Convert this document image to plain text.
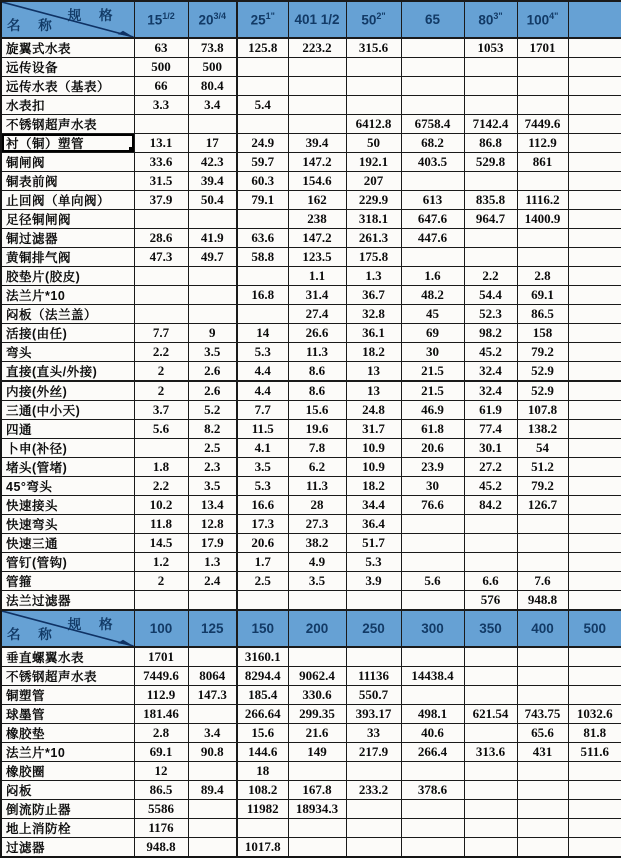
规 格
名 称	$15^{1/2}$	$20^{3/4}$	$25^{1"}$	401 1/2	$50^{2"}$	65	$80^{3"}$	$100^{4"}$	
旋翼式水表	63	73.8	125.8	223.2	315.6		1053	1701	
远传设备	500	500							
远传水表（基表）	66	80.4							
水表扣	3.3	3.4	5.4						
不锈钢超声水表					6412.8	6758.4	7142.4	7449.6	
衬（铜）塑管	13.1	17	24.9	39.4	50	68.2	86.8	112.9	
铜闸阀	33.6	42.3	59.7	147.2	192.1	403.5	529.8	861	
铜表前阀	31.5	39.4	60.3	154.6	207				
止回阀（单向阀）	37.9	50.4	79.1	162	229.9	613	835.8	1116.2	
足径铜闸阀				238	318.1	647.6	964.7	1400.9	
铜过滤器	28.6	41.9	63.6	147.2	261.3	447.6			
黄铜排气阀	47.3	49.7	58.8	123.5	175.8				
胶垫片(胶皮)				1.1	1.3	1.6	2.2	2.8	
法兰片*10			16.8	31.4	36.7	48.2	54.4	69.1	
闷板（法兰盖）				27.4	32.8	45	52.3	86.5	
活接(由任)	7.7	9	14	26.6	36.1	69	98.2	158	
弯头	2.2	3.5	5.3	11.3	18.2	30	45.2	79.2	
直接(直头/外接)	2	2.6	4.4	8.6	13	21.5	32.4	52.9	
内接(外丝)	2	2.6	4.4	8.6	13	21.5	32.4	52.9	
三通(中小天)	3.7	5.2	7.7	15.6	24.8	46.9	61.9	107.8	
四通	5.6	8.2	11.5	19.6	31.7	61.8	77.4	138.2	
卜申(补径)		2.5	4.1	7.8	10.9	20.6	30.1	54	
堵头(管堵)	1.8	2.3	3.5	6.2	10.9	23.9	27.2	51.2	
45°弯头	2.2	3.5	5.3	11.3	18.2	30	45.2	79.2	
快速接头	10.2	13.4	16.6	28	34.4	76.6	84.2	126.7	
快速弯头	11.8	12.8	17.3	27.3	36.4				
快速三通	14.5	17.9	20.6	38.2	51.7				
管钉(管钩)	1.2	1.3	1.7	4.9	5.3				
管箍	2	2.4	2.5	3.5	3.9	5.6	6.6	7.6	
法兰过滤器							576	948.8	

规 格
名 称	100	125	150	200	250	300	350	400	500
垂直螺翼水表	1701		3160.1						
不锈钢超声水表	7449.6	8064	8294.4	9062.4	11136	14438.4			
铜塑管	112.9	147.3	185.4	330.6	550.7				
球墨管	181.46		266.64	299.35	393.17	498.1	621.54	743.75	1032.6
橡胶垫	2.8	3.4	15.6	21.6	33	40.6		65.6	81.8
法兰片*10	69.1	90.8	144.6	149	217.9	266.4	313.6	431	511.6
橡胶圈	12		18						
闷板	86.5	89.4	108.2	167.8	233.2	378.6			
倒流防止器	5586		11982	18934.3					
地上消防栓	1176								
过滤器	948.8		1017.8						
